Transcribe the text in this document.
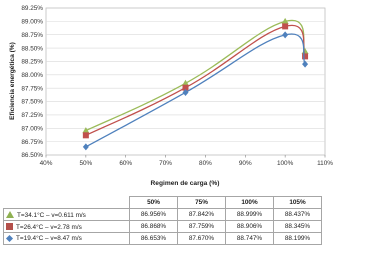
86.50%
86.75%
87.00%
87.25%
87.50%
87.75%
88.00%
88.25%
88.50%
88.75%
89.00%
89.25%
40%	50%	60%	70%	80%	90%	100%	110%
Eficiencia energética (%)
Regimen de carga (%)
	50%	75%	100%	105%
T=34.1°C – v=0.611 m/s	86.956%	87.842%	88.999%	88.437%
T=26.4°C – v=2.78 m/s	86.868%	87.759%	88.906%	88.345%
T=19.4°C – v=8.47 m/s	86.653%	87.670%	88.747%	88.199%
